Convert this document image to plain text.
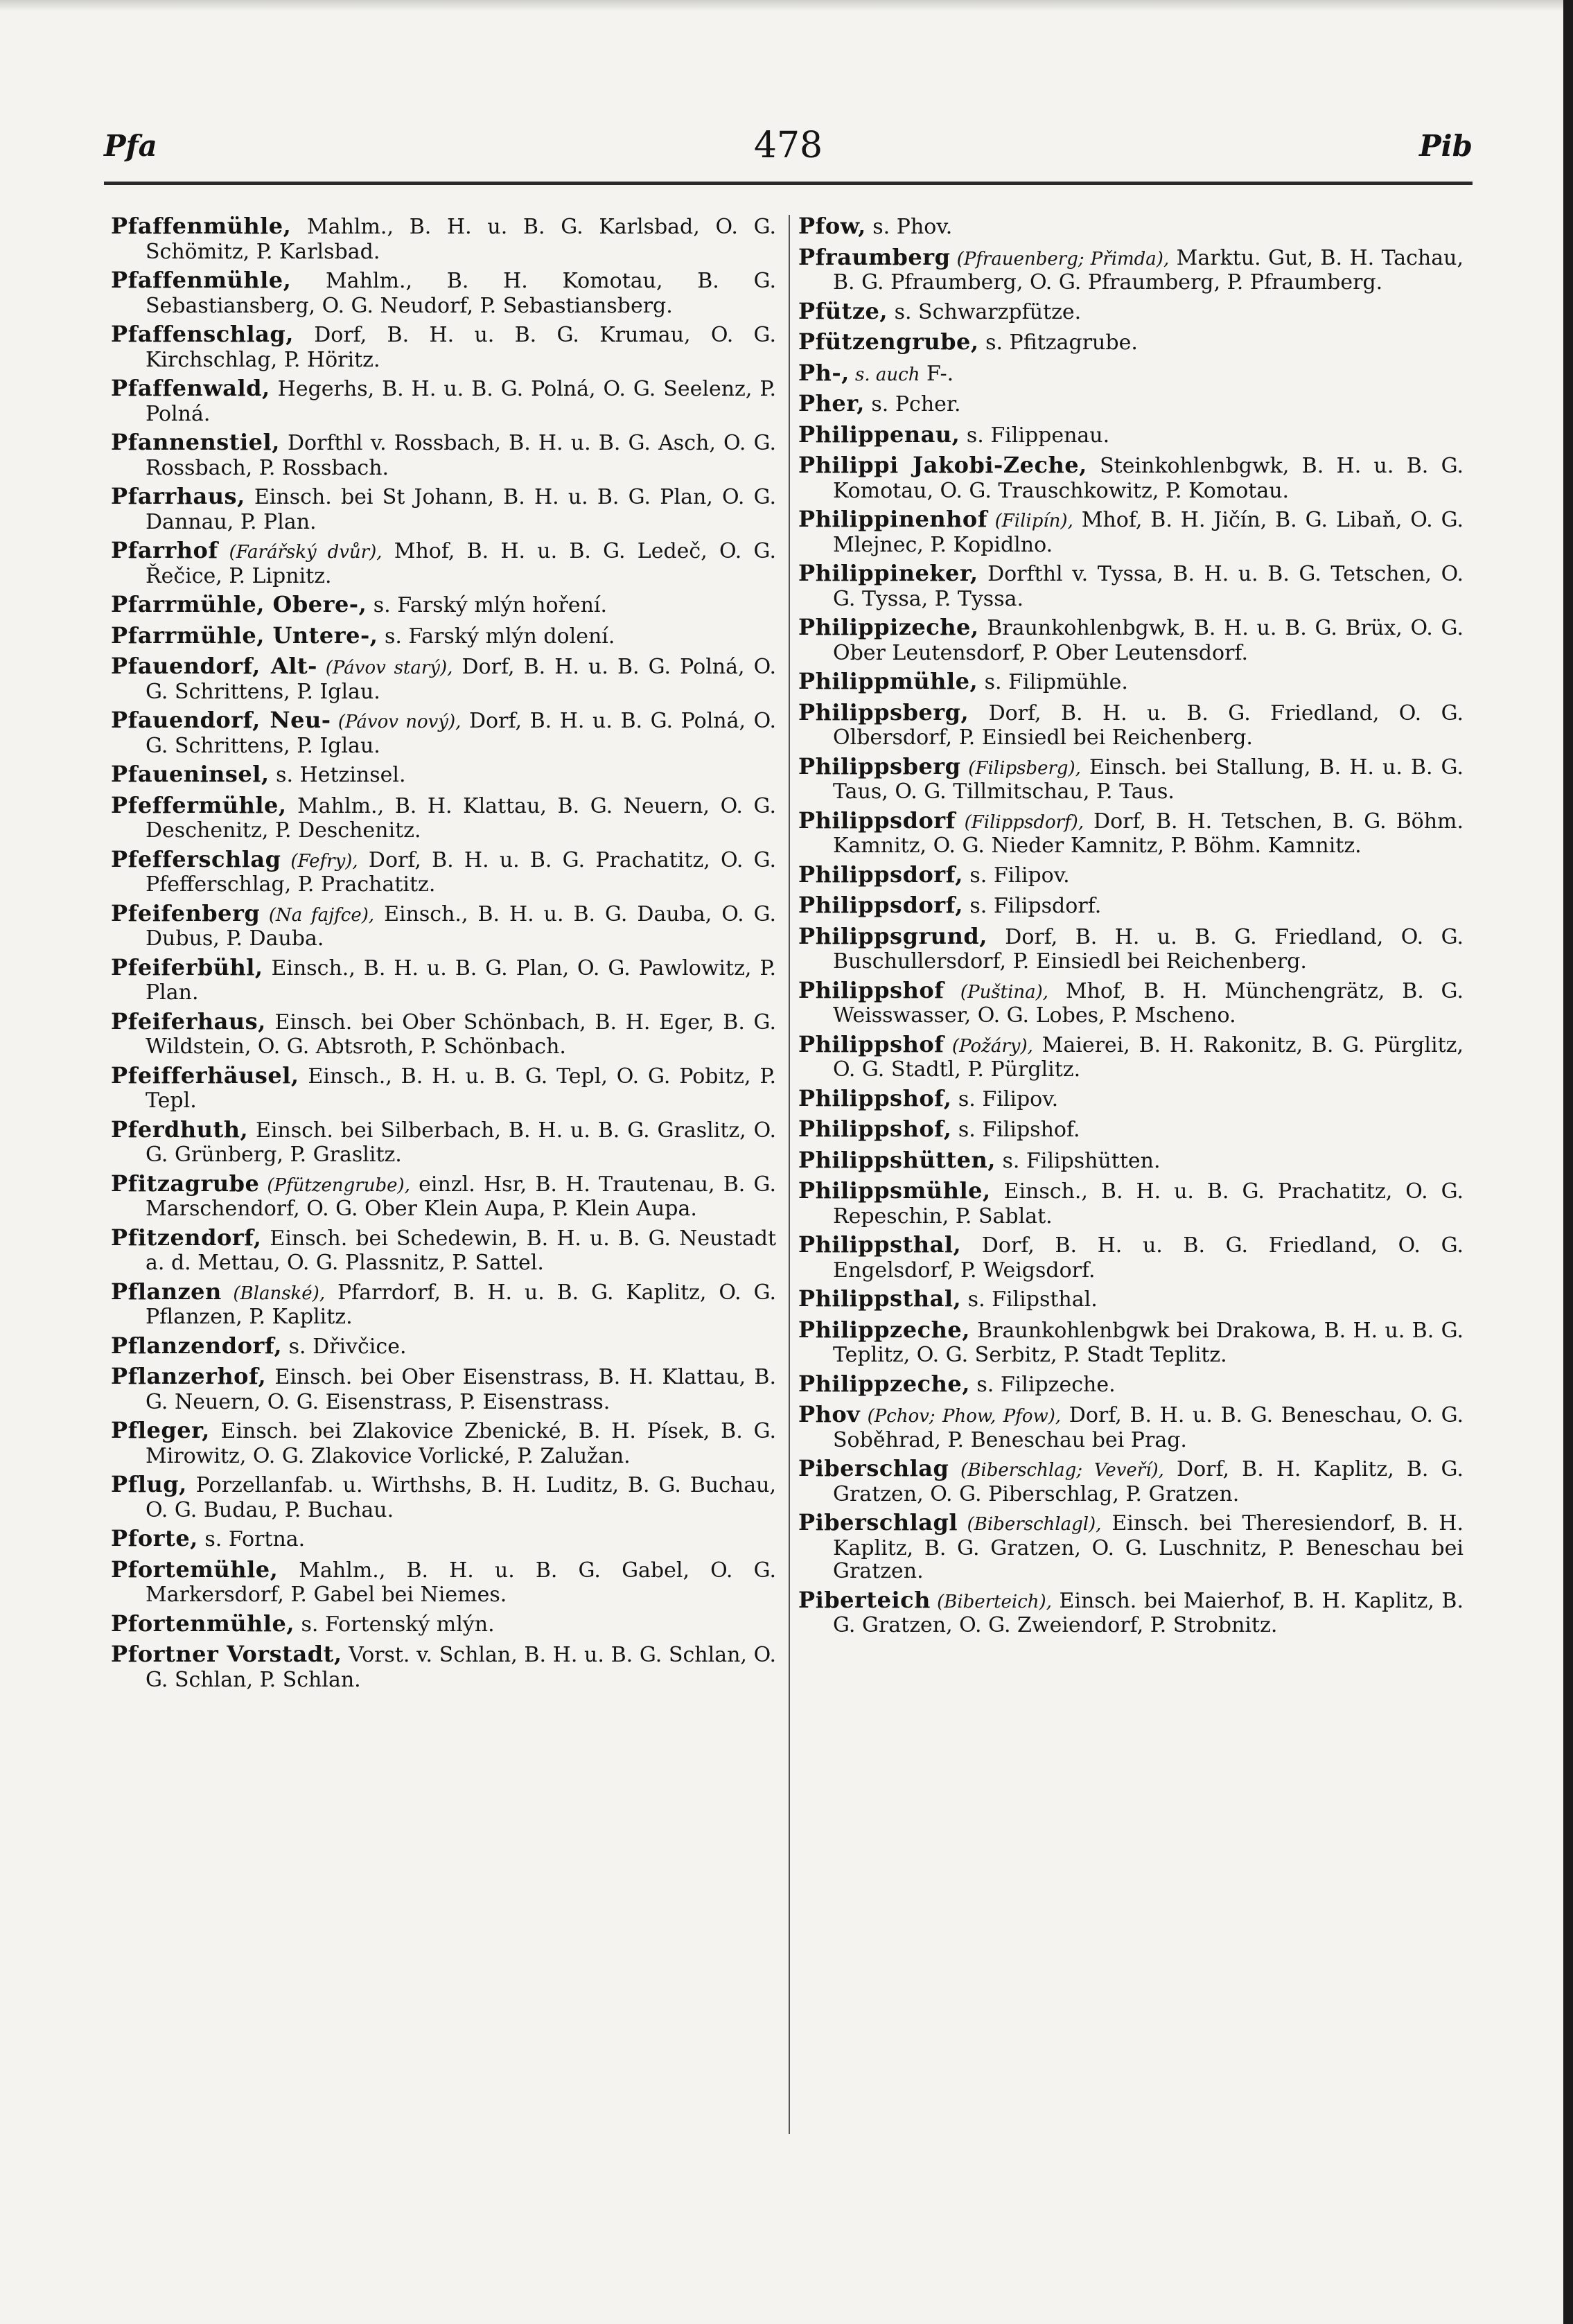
Pfa	478	Pib

Pfaffenmühle, Mahlm., B. H. u. B. G. Karlsbad, O. G. Schömitz, P. Karlsbad.

Pfaffenmühle, Mahlm., B. H. Komotau, B. G. Sebastiansberg, O. G. Neudorf, P. Sebastiansberg.

Pfaffenschlag, Dorf, B. H. u. B. G. Krumau, O. G. Kirchschlag, P. Höritz.

Pfaffenwald, Hegerhs, B. H. u. B. G. Polná, O. G. Seelenz, P. Polná.

Pfannenstiel, Dorfthl v. Rossbach, B. H. u. B. G. Asch, O. G. Rossbach, P. Rossbach.

Pfarrhaus, Einsch. bei St Johann, B. H. u. B. G. Plan, O. G. Dannau, P. Plan.

Pfarrhof (Farářský dvůr), Mhof, B. H. u. B. G. Ledeč, O. G. Řečice, P. Lipnitz.

Pfarrmühle, Obere-, s. Farský mlýn hoření.

Pfarrmühle, Untere-, s. Farský mlýn dolení.

Pfauendorf, Alt- (Pávov starý), Dorf, B. H. u. B. G. Polná, O. G. Schrittens, P. Iglau.

Pfauendorf, Neu- (Pávov nový), Dorf, B. H. u. B. G. Polná, O. G. Schrittens, P. Iglau.

Pfaueninsel, s. Hetzinsel.

Pfeffermühle, Mahlm., B. H. Klattau, B. G. Neuern, O. G. Deschenitz, P. Deschenitz.

Pfefferschlag (Fefry), Dorf, B. H. u. B. G. Prachatitz, O. G. Pfefferschlag, P. Prachatitz.

Pfeifenberg (Na fajfce), Einsch., B. H. u. B. G. Dauba, O. G. Dubus, P. Dauba.

Pfeiferbühl, Einsch., B. H. u. B. G. Plan, O. G. Pawlowitz, P. Plan.

Pfeiferhaus, Einsch. bei Ober Schönbach, B. H. Eger, B. G. Wildstein, O. G. Abtsroth, P. Schönbach.

Pfeifferhäusel, Einsch., B. H. u. B. G. Tepl, O. G. Pobitz, P. Tepl.

Pferdhuth, Einsch. bei Silberbach, B. H. u. B. G. Graslitz, O. G. Grünberg, P. Graslitz.

Pfitzagrube (Pfützengrube), einzl. Hsr, B. H. Trautenau, B. G. Marschendorf, O. G. Ober Klein Aupa, P. Klein Aupa.

Pfitzendorf, Einsch. bei Schedewin, B. H. u. B. G. Neustadt a. d. Mettau, O. G. Plassnitz, P. Sattel.

Pflanzen (Blanské), Pfarrdorf, B. H. u. B. G. Kaplitz, O. G. Pflanzen, P. Kaplitz.

Pflanzendorf, s. Dřivčice.

Pflanzerhof, Einsch. bei Ober Eisenstrass, B. H. Klattau, B. G. Neuern, O. G. Eisenstrass, P. Eisenstrass.

Pfleger, Einsch. bei Zlakovice Zbenické, B. H. Písek, B. G. Mirowitz, O. G. Zlakovice Vorlické, P. Zalužan.

Pflug, Porzellanfab. u. Wirthshs, B. H. Luditz, B. G. Buchau, O. G. Budau, P. Buchau.

Pforte, s. Fortna.

Pfortemühle, Mahlm., B. H. u. B. G. Gabel, O. G. Markersdorf, P. Gabel bei Niemes.

Pfortenmühle, s. Fortenský mlýn.

Pfortner Vorstadt, Vorst. v. Schlan, B. H. u. B. G. Schlan, O. G. Schlan, P. Schlan.

Pfow, s. Phov.

Pfraumberg (Pfrauenberg; Přimda), Marktu. Gut, B. H. Tachau, B. G. Pfraumberg, O. G. Pfraumberg, P. Pfraumberg.

Pfütze, s. Schwarzpfütze.

Pfützengrube, s. Pfitzagrube.

Ph-, s. auch F-.

Pher, s. Pcher.

Philippenau, s. Filippenau.

Philippi Jakobi-Zeche, Steinkohlenbgwk, B. H. u. B. G. Komotau, O. G. Trauschkowitz, P. Komotau.

Philippinenhof (Filipín), Mhof, B. H. Jičín, B. G. Libaň, O. G. Mlejnec, P. Kopidlno.

Philippineker, Dorfthl v. Tyssa, B. H. u. B. G. Tetschen, O. G. Tyssa, P. Tyssa.

Philippizeche, Braunkohlenbgwk, B. H. u. B. G. Brüx, O. G. Ober Leutensdorf, P. Ober Leutensdorf.

Philippmühle, s. Filipmühle.

Philippsberg, Dorf, B. H. u. B. G. Friedland, O. G. Olbersdorf, P. Einsiedl bei Reichenberg.

Philippsberg (Filipsberg), Einsch. bei Stallung, B. H. u. B. G. Taus, O. G. Tillmitschau, P. Taus.

Philippsdorf (Filippsdorf), Dorf, B. H. Tetschen, B. G. Böhm. Kamnitz, O. G. Nieder Kamnitz, P. Böhm. Kamnitz.

Philippsdorf, s. Filipov.

Philippsdorf, s. Filipsdorf.

Philippsgrund, Dorf, B. H. u. B. G. Friedland, O. G. Buschullersdorf, P. Einsiedl bei Reichenberg.

Philippshof (Puština), Mhof, B. H. Münchengrätz, B. G. Weisswasser, O. G. Lobes, P. Mscheno.

Philippshof (Požáry), Maierei, B. H. Rakonitz, B. G. Pürglitz, O. G. Stadtl, P. Pürglitz.

Philippshof, s. Filipov.

Philippshof, s. Filipshof.

Philippshütten, s. Filipshütten.

Philippsmühle, Einsch., B. H. u. B. G. Prachatitz, O. G. Repeschin, P. Sablat.

Philippsthal, Dorf, B. H. u. B. G. Friedland, O. G. Engelsdorf, P. Weigsdorf.

Philippsthal, s. Filipsthal.

Philippzeche, Braunkohlenbgwk bei Drakowa, B. H. u. B. G. Teplitz, O. G. Serbitz, P. Stadt Teplitz.

Philippzeche, s. Filipzeche.

Phov (Pchov; Phow, Pfow), Dorf, B. H. u. B. G. Beneschau, O. G. Soběhrad, P. Beneschau bei Prag.

Piberschlag (Biberschlag; Veveří), Dorf, B. H. Kaplitz, B. G. Gratzen, O. G. Piberschlag, P. Gratzen.

Piberschlagl (Biberschlagl), Einsch. bei Theresiendorf, B. H. Kaplitz, B. G. Gratzen, O. G. Luschnitz, P. Beneschau bei Gratzen.

Piberteich (Biberteich), Einsch. bei Maierhof, B. H. Kaplitz, B. G. Gratzen, O. G. Zweiendorf, P. Strobnitz.
